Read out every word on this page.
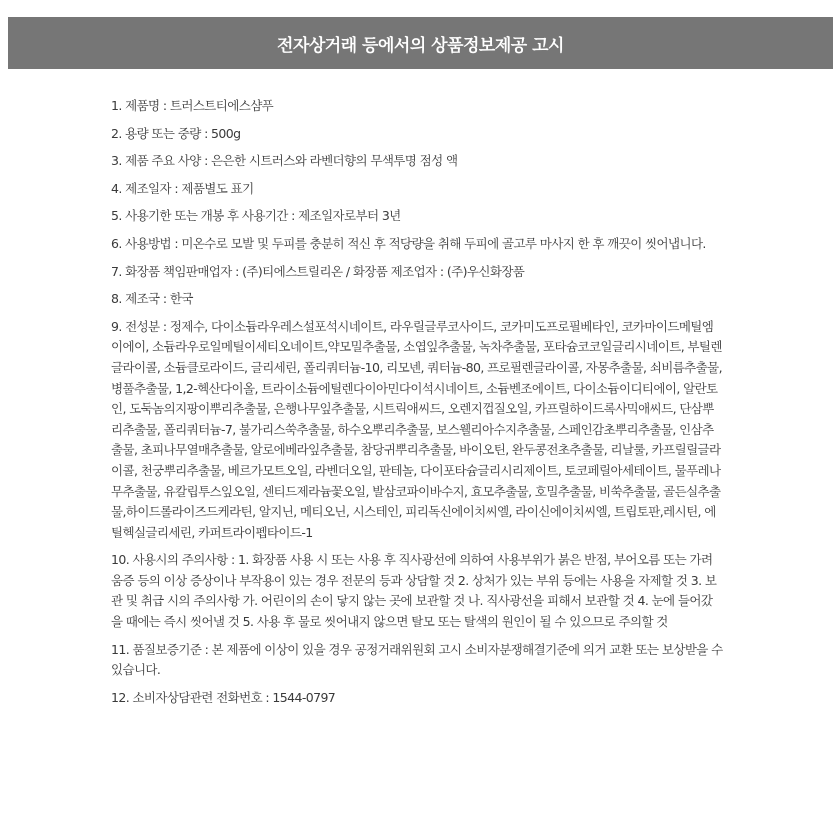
전자상거래 등에서의 상품정보제공 고시
1. 제품명 : 트러스트티에스샴푸
2. 용량 또는 중량 : 500g
3. 제품 주요 사양 : 은은한 시트러스와 라벤더향의 무색투명 점성 액
4. 제조일자 : 제품별도 표기
5. 사용기한 또는 개봉 후 사용기간 : 제조일자로부터 3년
6. 사용방법 : 미온수로 모발 및 두피를 충분히 적신 후 적당량을 취해 두피에 골고루 마사지 한 후 깨끗이 씻어냅니다.
7. 화장품 책임판매업자 : (주)티에스트릴리온 / 화장품 제조업자 : (주)우신화장품
8. 제조국 : 한국
9. 전성분 : 정제수, 다이소듐라우레스설포석시네이트, 라우릴글루코사이드, 코카미도프로필베타인, 코카마이드메틸엠이에이, 소듐라우로일메틸이세티오네이트,약모밀추출물, 소엽잎추출물, 녹차추출물, 포타슘코코일글리시네이트, 부틸렌글라이콜, 소듐클로라이드, 글리세린, 폴리쿼터늄-10, 리모넨, 쿼터늄-80, 프로필렌글라이콜, 자몽추출물, 쇠비름추출물, 병풀추출물, 1,2-헥산다이올, 트라이소듐에틸렌다이아민다이석시네이트, 소듐벤조에이트, 다이소듐이디티에이, 알란토인, 도둑놈의지팡이뿌리추출물, 은행나무잎추출물, 시트릭애씨드, 오렌지껍질오일, 카프릴하이드록사믹애씨드, 단삼뿌리추출물, 폴리쿼터늄-7, 불가리스쑥추출물, 하수오뿌리추출물, 보스웰리아수지추출물, 스페인감초뿌리추출물, 인삼추출물, 초피나무열매추출물, 알로에베라잎추출물, 참당귀뿌리추출물, 바이오틴, 완두콩전초추출물, 리날룰, 카프릴릴글라이콜, 천궁뿌리추출물, 베르가모트오일, 라벤더오일, 판테놀, 다이포타슘글리시리제이트, 토코페릴아세테이트, 물푸레나무추출물, 유칼립투스잎오일, 센티드제라늄꽃오일, 발삼코파이바수지, 효모추출물, 호밀추출물, 비쑥추출물, 골든실추출물,하이드롤라이즈드케라틴, 알지닌, 메티오닌, 시스테인, 피리독신에이치씨엘, 라이신에이치씨엘, 트립토판,레시틴, 에틸헥실글리세린, 카퍼트라이펩타이드-1
10. 사용시의 주의사항 : 1. 화장품 사용 시 또는 사용 후 직사광선에 의하여 사용부위가 붉은 반점, 부어오름 또는 가려움증 등의 이상 증상이나 부작용이 있는 경우 전문의 등과 상담할 것 2. 상처가 있는 부위 등에는 사용을 자제할 것 3. 보관 및 취급 시의 주의사항 가. 어린이의 손이 닿지 않는 곳에 보관할 것 나. 직사광선을 피해서 보관할 것 4. 눈에 들어갔을 때에는 즉시 씻어낼 것 5. 사용 후 물로 씻어내지 않으면 탈모 또는 탈색의 원인이 될 수 있으므로 주의할 것
11. 품질보증기준 : 본 제품에 이상이 있을 경우 공정거래위원회 고시 소비자분쟁해결기준에 의거 교환 또는 보상받을 수 있습니다.
12. 소비자상담관련 전화번호 : 1544-0797
